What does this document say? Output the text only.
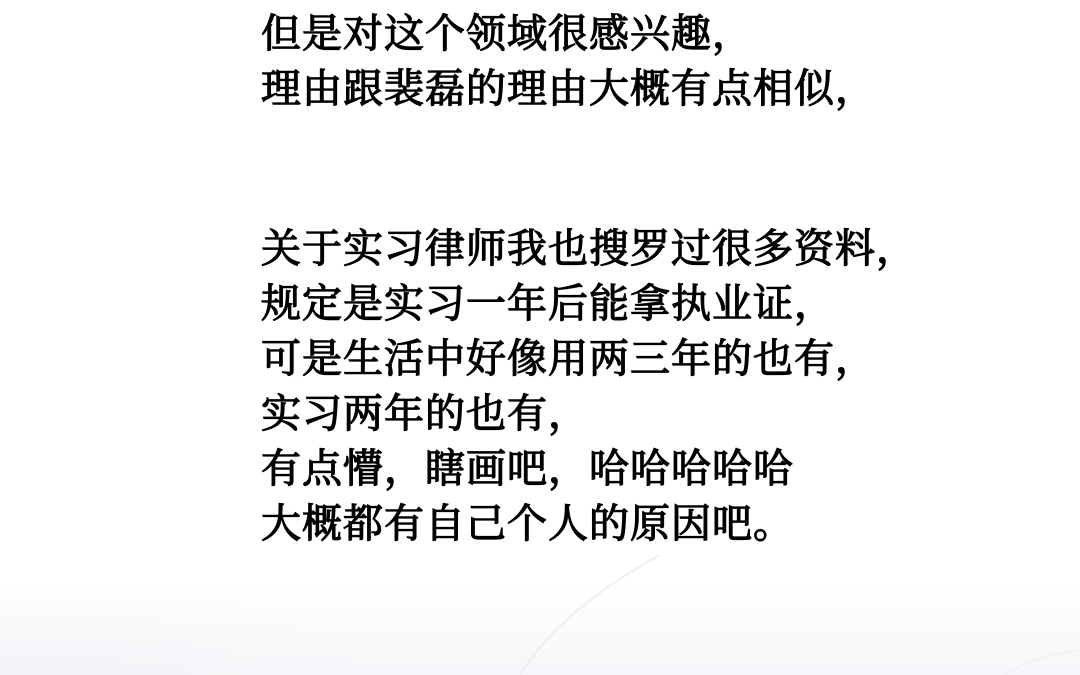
但是对这个领域很感兴趣，
理由跟裴磊的理由大概有点相似，
关于实习律师我也搜罗过很多资料，
规定是实习一年后能拿执业证，
可是生活中好像用两三年的也有，
实习两年的也有，
有点懵，瞎画吧，哈哈哈哈哈
大概都有自己个人的原因吧。
